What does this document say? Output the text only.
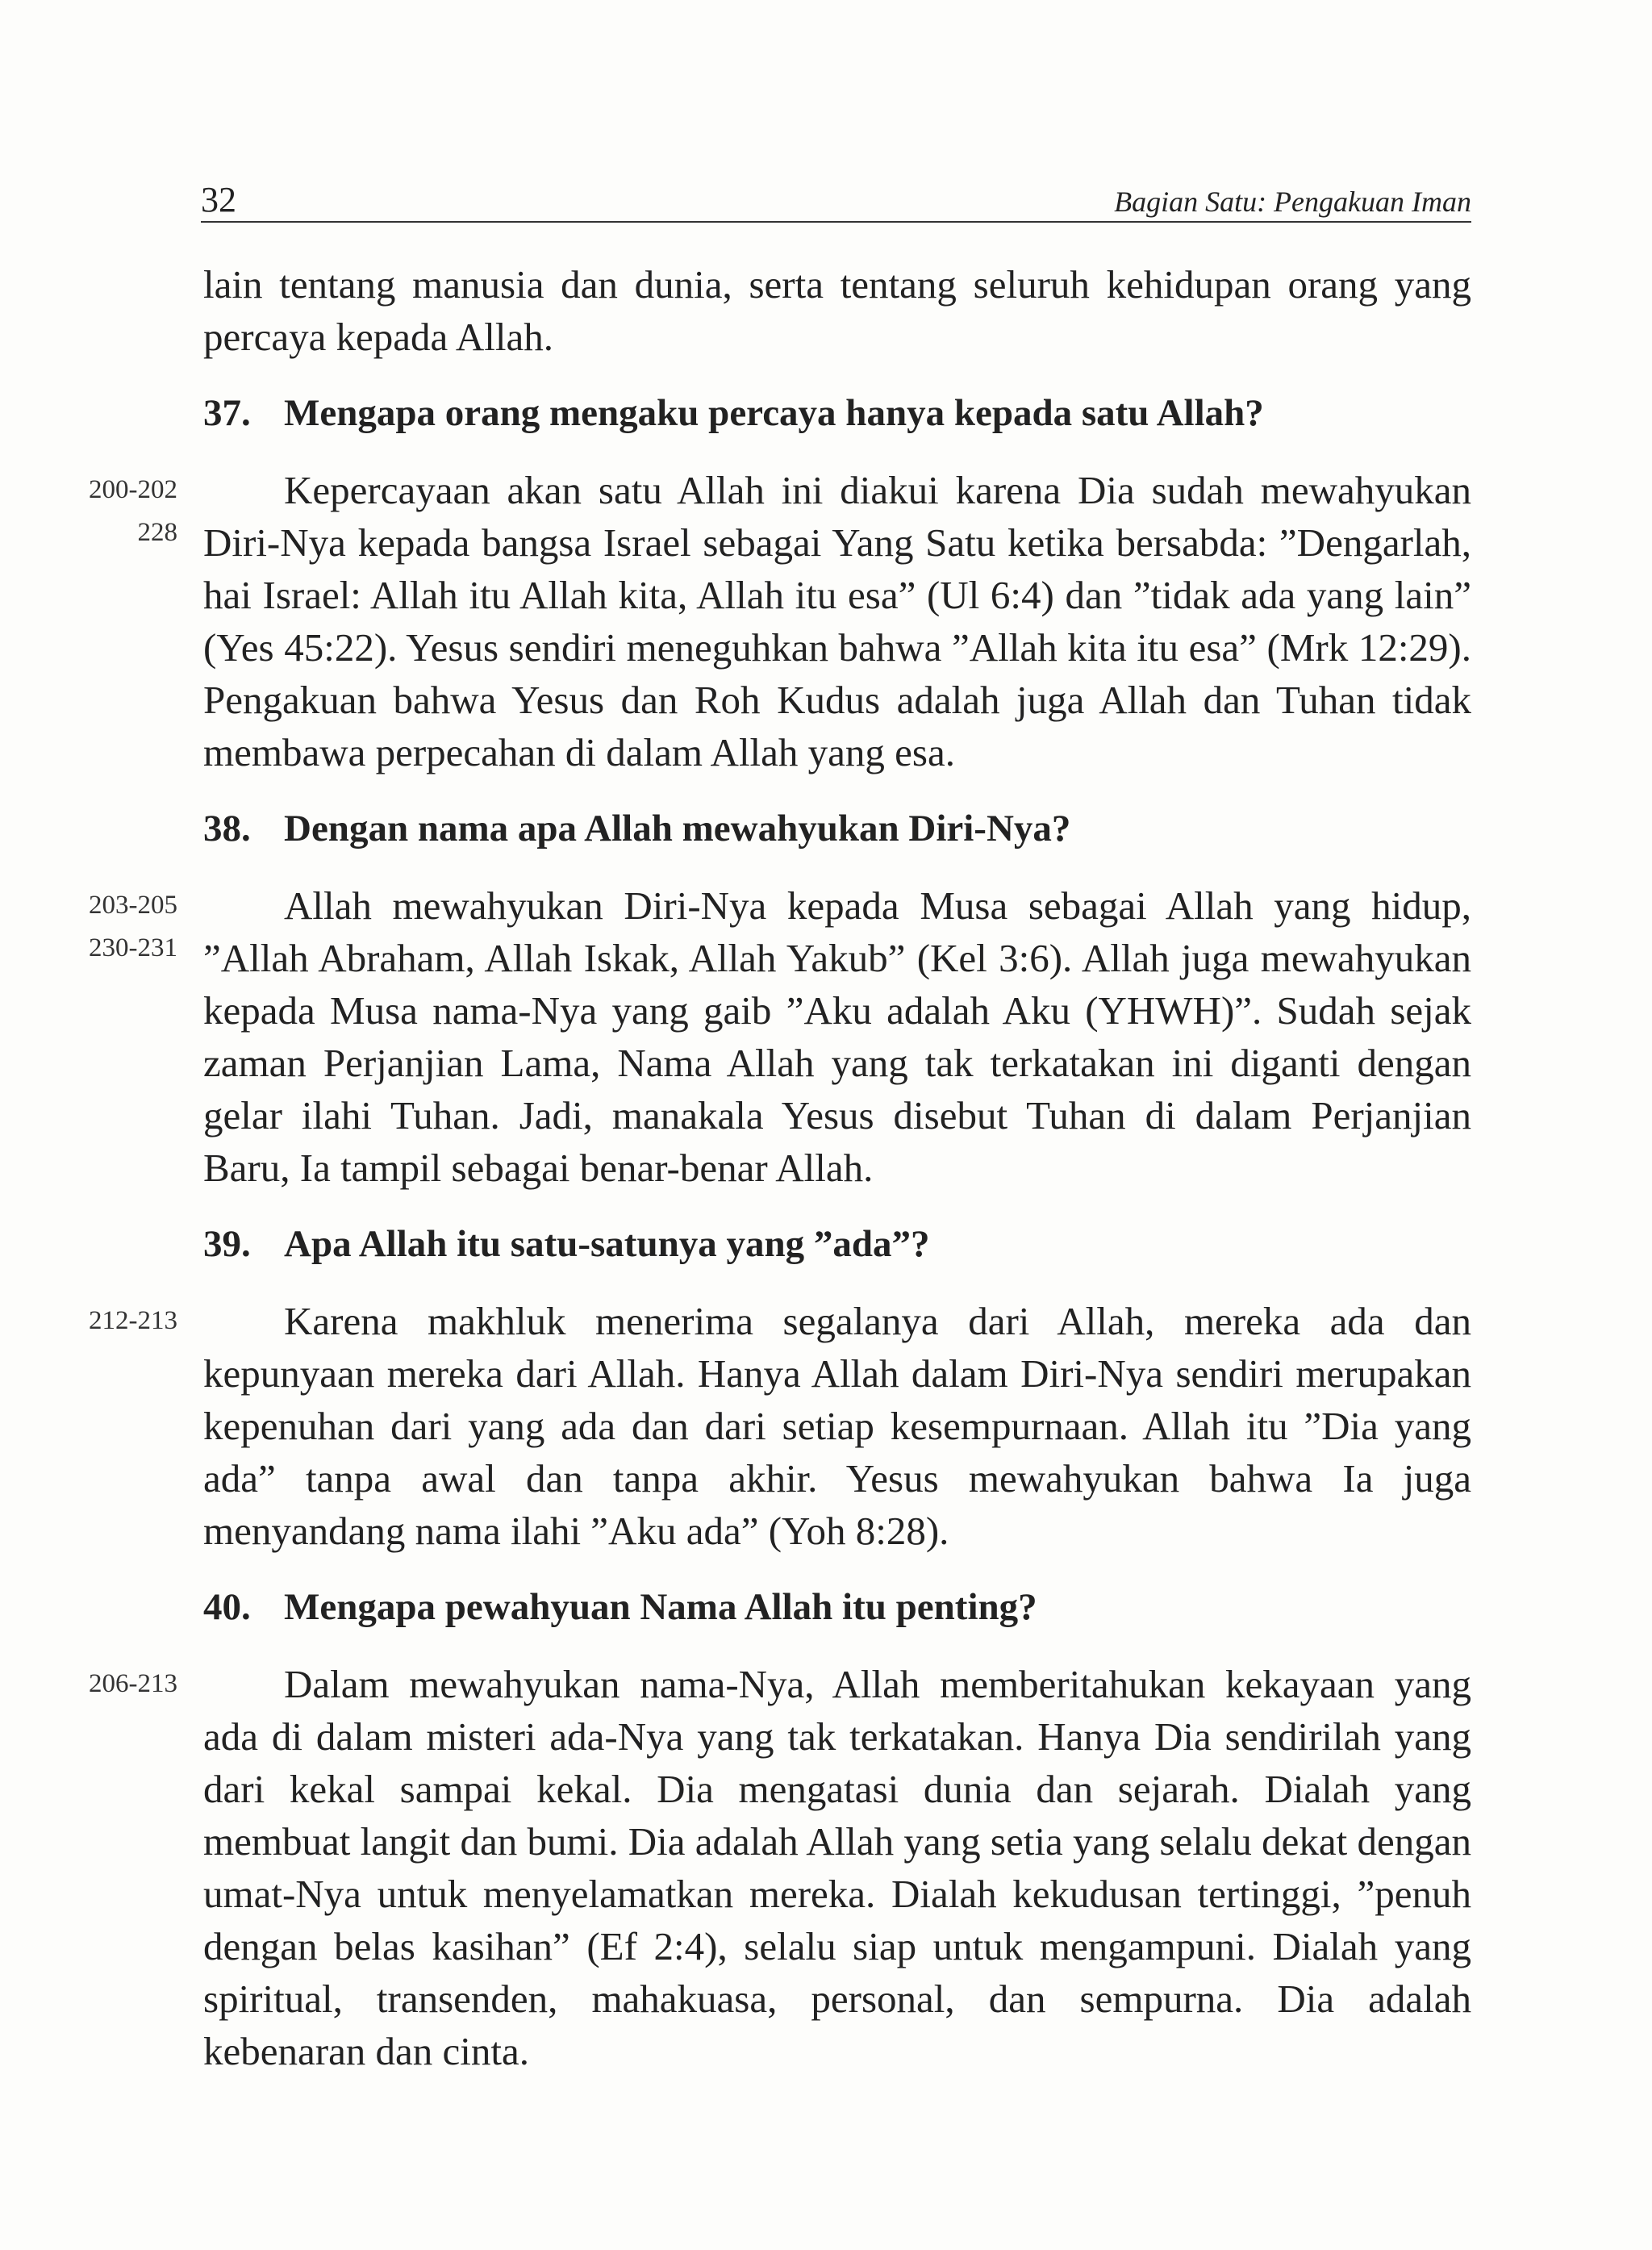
32	Bagian Satu: Pengakuan Iman

lain tentang manusia dan dunia, serta tentang seluruh kehidupan orang yang percaya kepada Allah.

37. Mengapa orang mengaku percaya hanya kepada satu Allah?
200-202
228

Kepercayaan akan satu Allah ini diakui karena Dia sudah mewahyukan Diri-Nya kepada bangsa Israel sebagai Yang Satu ketika bersabda: ”Dengarlah, hai Israel: Allah itu Allah kita, Allah itu esa” (Ul 6:4) dan ”tidak ada yang lain” (Yes 45:22). Yesus sendiri meneguhkan bahwa ”Allah kita itu esa” (Mrk 12:29). Pengakuan bahwa Yesus dan Roh Kudus adalah juga Allah dan Tuhan tidak membawa perpecahan di dalam Allah yang esa.

38. Dengan nama apa Allah mewahyukan Diri-Nya?
203-205
230-231

Allah mewahyukan Diri-Nya kepada Musa sebagai Allah yang hidup, ”Allah Abraham, Allah Iskak, Allah Yakub” (Kel 3:6). Allah juga mewahyukan kepada Musa nama-Nya yang gaib ”Aku adalah Aku (YHWH)”. Sudah sejak zaman Perjanjian Lama, Nama Allah yang tak terkatakan ini diganti dengan gelar ilahi Tuhan. Jadi, manakala Yesus disebut Tuhan di dalam Perjanjian Baru, Ia tampil sebagai benar-benar Allah.

39. Apa Allah itu satu-satunya yang ”ada”?
212-213	Karena makhluk menerima segalanya dari Allah, mereka ada dan kepunyaan mereka dari Allah. Hanya Allah dalam Diri-Nya sendiri merupakan kepenuhan dari yang ada dan dari setiap kesempurnaan. Allah itu ”Dia yang ada” tanpa awal dan tanpa akhir. Yesus mewahyukan bahwa Ia juga menyandang nama ilahi ”Aku ada” (Yoh 8:28).

40. Mengapa pewahyuan Nama Allah itu penting?
206-213	Dalam mewahyukan nama-Nya, Allah memberitahukan kekayaan yang ada di dalam misteri ada-Nya yang tak terkatakan. Hanya Dia sendirilah yang dari kekal sampai kekal. Dia mengatasi dunia dan sejarah. Dialah yang membuat langit dan bumi. Dia adalah Allah yang setia yang selalu dekat dengan umat-Nya untuk menyelamatkan mereka. Dialah kekudusan tertinggi, ”penuh dengan belas kasihan” (Ef 2:4), selalu siap untuk mengampuni. Dialah yang spiritual, transenden, mahakuasa, personal, dan sempurna. Dia adalah kebenaran dan cinta.
